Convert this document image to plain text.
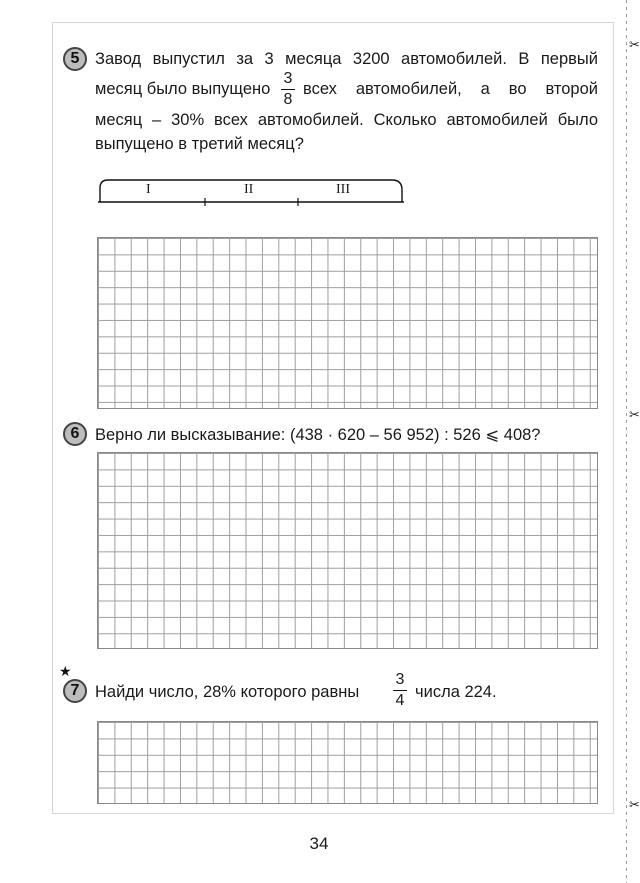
✂
✂
✂
5 Завод выпустил за 3 месяца 3200 автомобилей. В первый
месяц было выпущено
3
8
всех автомобилей, а во второй
месяц – 30% всех автомобилей. Сколько автомобилей было
выпущено в третий месяц?
I	II	III
6 Верно ли высказывание: (438 · 620 – 56 952) : 526 ⩽ 408?
★
7 Найди число, 28% которого равны
3
4 числа 224.
34
